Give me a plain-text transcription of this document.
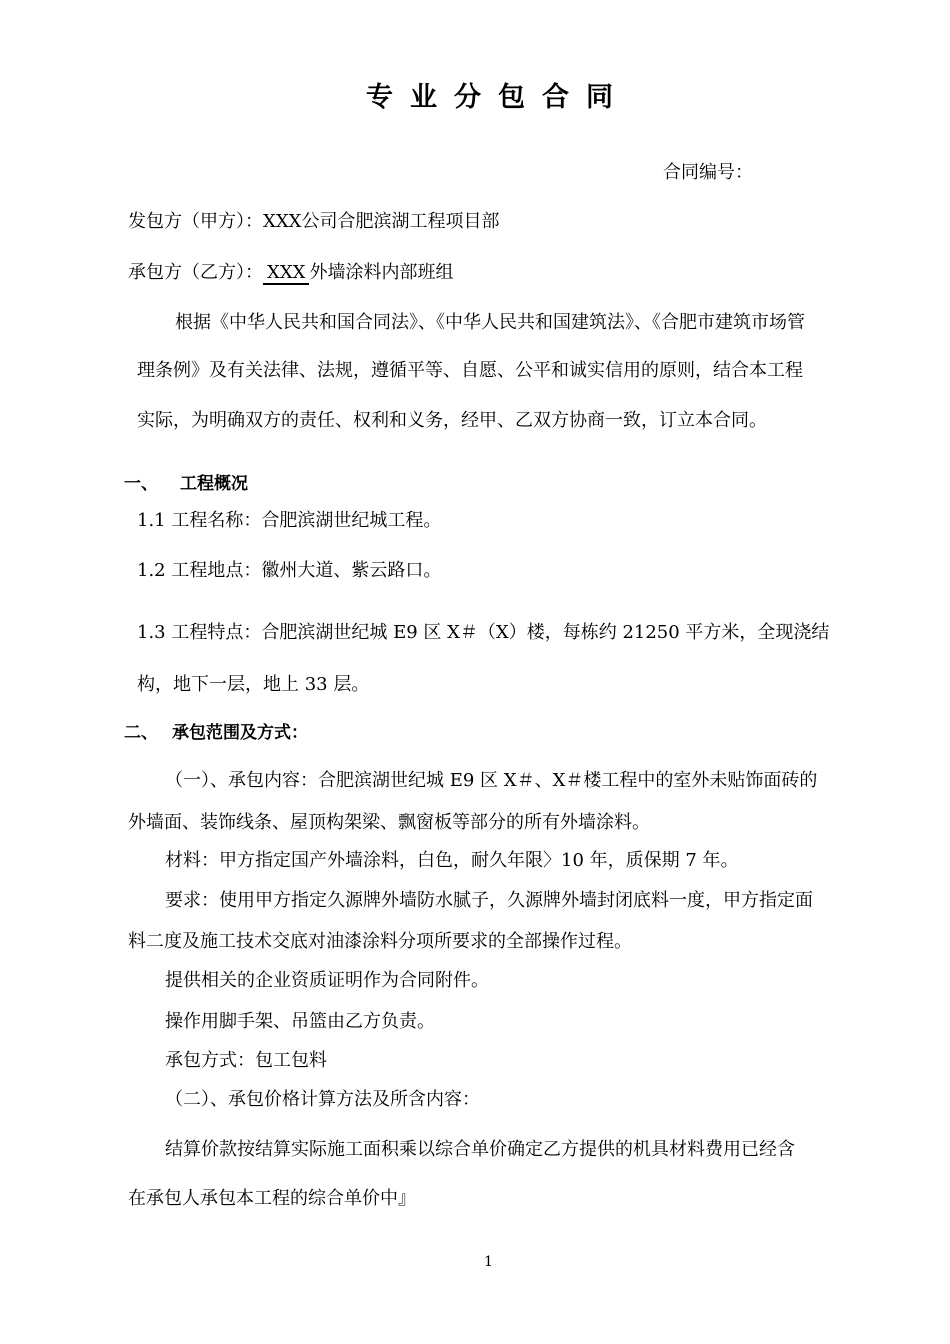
专业分包合同
合同编号：
发包方（甲方）：XXX公司合肥滨湖工程项目部
承包方（乙方）： XXX 外墙涂料内部班组
根据《中华人民共和国合同法》、《中华人民共和国建筑法》、《合肥市建筑市场管
理条例》及有关法律、法规，遵循平等、自愿、公平和诚实信用的原则，结合本工程
实际，为明确双方的责任、权利和义务，经甲、乙双方协商一致，订立本合同。
一、 工程概况
1.1 工程名称：合肥滨湖世纪城工程。
1.2 工程地点：徽州大道、紫云路口。
1.3 工程特点：合肥滨湖世纪城 E9 区 X＃（X）楼，每栋约 21250 平方米，全现浇结
构，地下一层，地上 33 层。
二、 承包范围及方式：
（一）、承包内容：合肥滨湖世纪城 E9 区 X＃、X＃楼工程中的室外未贴饰面砖的
外墙面、装饰线条、屋顶构架梁、飘窗板等部分的所有外墙涂料。
材料：甲方指定国产外墙涂料，白色，耐久年限〉10 年，质保期 7 年。
要求：使用甲方指定久源牌外墙防水腻子，久源牌外墙封闭底料一度，甲方指定面
料二度及施工技术交底对油漆涂料分项所要求的全部操作过程。
提供相关的企业资质证明作为合同附件。
操作用脚手架、吊篮由乙方负责。
承包方式：包工包料
（二）、承包价格计算方法及所含内容：
结算价款按结算实际施工面积乘以综合单价确定乙方提供的机具材料费用已经含
在承包人承包本工程的综合单价中』
1
